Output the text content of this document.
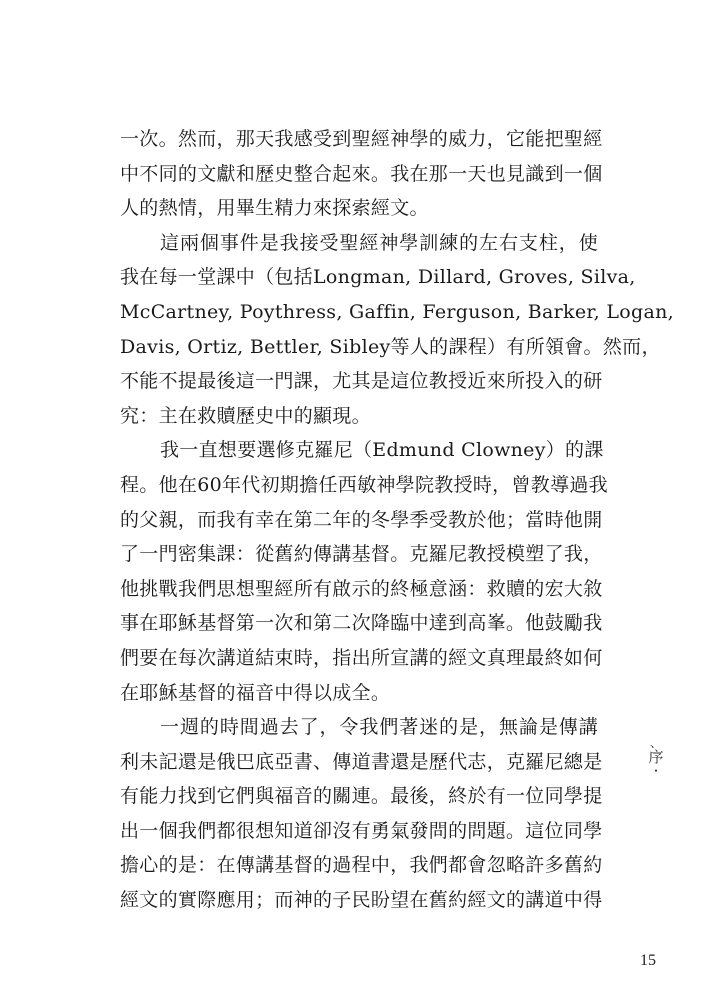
一次。然而，那天我感受到聖經神學的威力，它能把聖經
中不同的文獻和歷史整合起來。我在那一天也見識到一個
人的熱情，用畢生精力來探索經文。
這兩個事件是我接受聖經神學訓練的左右支柱，使
我在每一堂課中（包括Longman, Dillard, Groves, Silva,
McCartney, Poythress, Gaffin, Ferguson, Barker, Logan,
Davis, Ortiz, Bettler, Sibley等人的課程）有所領會。然而，
不能不提最後這一門課，尤其是這位教授近來所投入的研
究：主在救贖歷史中的顯現。
我一直想要選修克羅尼（Edmund Clowney）的課
程。他在60年代初期擔任西敏神學院教授時，曾教導過我
的父親，而我有幸在第二年的冬學季受教於他；當時他開
了一門密集課：從舊約傳講基督。克羅尼教授模塑了我，
他挑戰我們思想聖經所有啟示的終極意涵：救贖的宏大敘
事在耶穌基督第一次和第二次降臨中達到高峯。他鼓勵我
們要在每次講道結束時，指出所宣講的經文真理最終如何
在耶穌基督的福音中得以成全。
一週的時間過去了，令我們著迷的是，無論是傳講
利未記還是俄巴底亞書、傳道書還是歷代志，克羅尼總是
有能力找到它們與福音的關連。最後，終於有一位同學提
出一個我們都很想知道卻沒有勇氣發問的問題。這位同學
擔心的是：在傳講基督的過程中，我們都會忽略許多舊約
經文的實際應用；而神的子民盼望在舊約經文的講道中得
、
序
・
15
